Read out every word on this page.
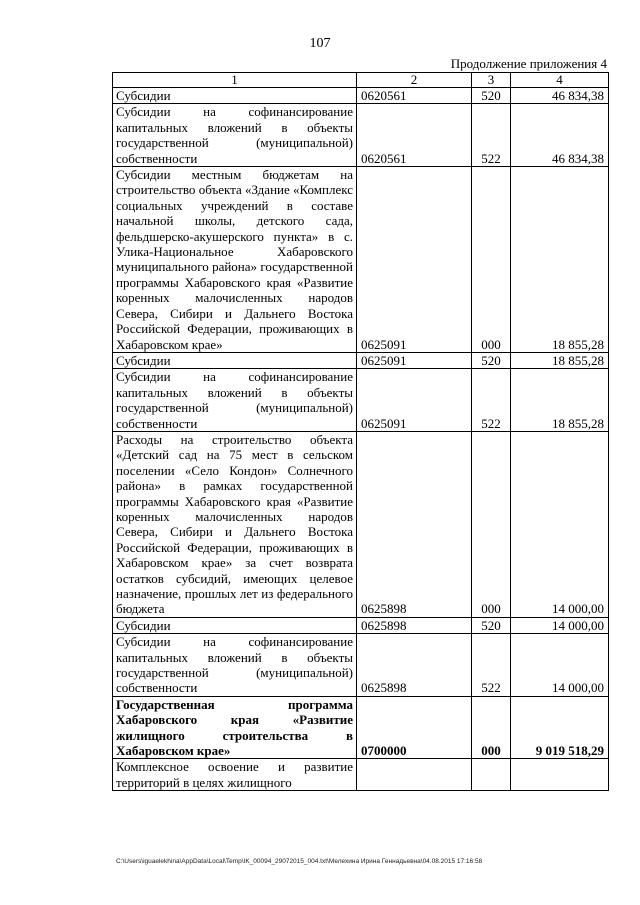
107
Продолжение приложения 4
1	2	3	4
Субсидии	0620561	520	46 834,38
Субсидии на софинансирование капитальных вложений в объекты государственной (муниципальной) собственности	0620561	522	46 834,38
Субсидии местным бюджетам на строительство объекта «Здание «Комплекс социальных учреждений в составе начальной школы, детского сада, фельдшерско-акушерского пункта» в с. Улика-Национальное Хабаровского муниципального района» государственной программы Хабаровского края «Развитие коренных малочисленных народов Севера, Сибири и Дальнего Востока Российской Федерации, проживающих в Хабаровском крае»	0625091	000	18 855,28
Субсидии	0625091	520	18 855,28
Субсидии на софинансирование капитальных вложений в объекты государственной (муниципальной) собственности	0625091	522	18 855,28
Расходы на строительство объекта «Детский сад на 75 мест в сельском поселении «Село Кондон» Солнечного района» в рамках государственной программы Хабаровского края «Развитие коренных малочисленных народов Севера, Сибири и Дальнего Востока Российской Федерации, проживающих в Хабаровском крае» за счет возврата остатков субсидий, имеющих целевое назначение, прошлых лет из федерального бюджета	0625898	000	14 000,00
Субсидии	0625898	520	14 000,00
Субсидии на софинансирование капитальных вложений в объекты государственной (муниципальной) собственности	0625898	522	14 000,00
Государственная программа Хабаровского края «Развитие жилищного строительства в Хабаровском крае»	0700000	000	9 019 518,29
Комплексное освоение и развитие территорий в целях жилищного			
C:\Users\iguaelekhina\AppData\Local\Temp\IK_00094_29072015_004.txt\Мелехина Ирина Геннадьевна\04.08.2015 17:16:58
